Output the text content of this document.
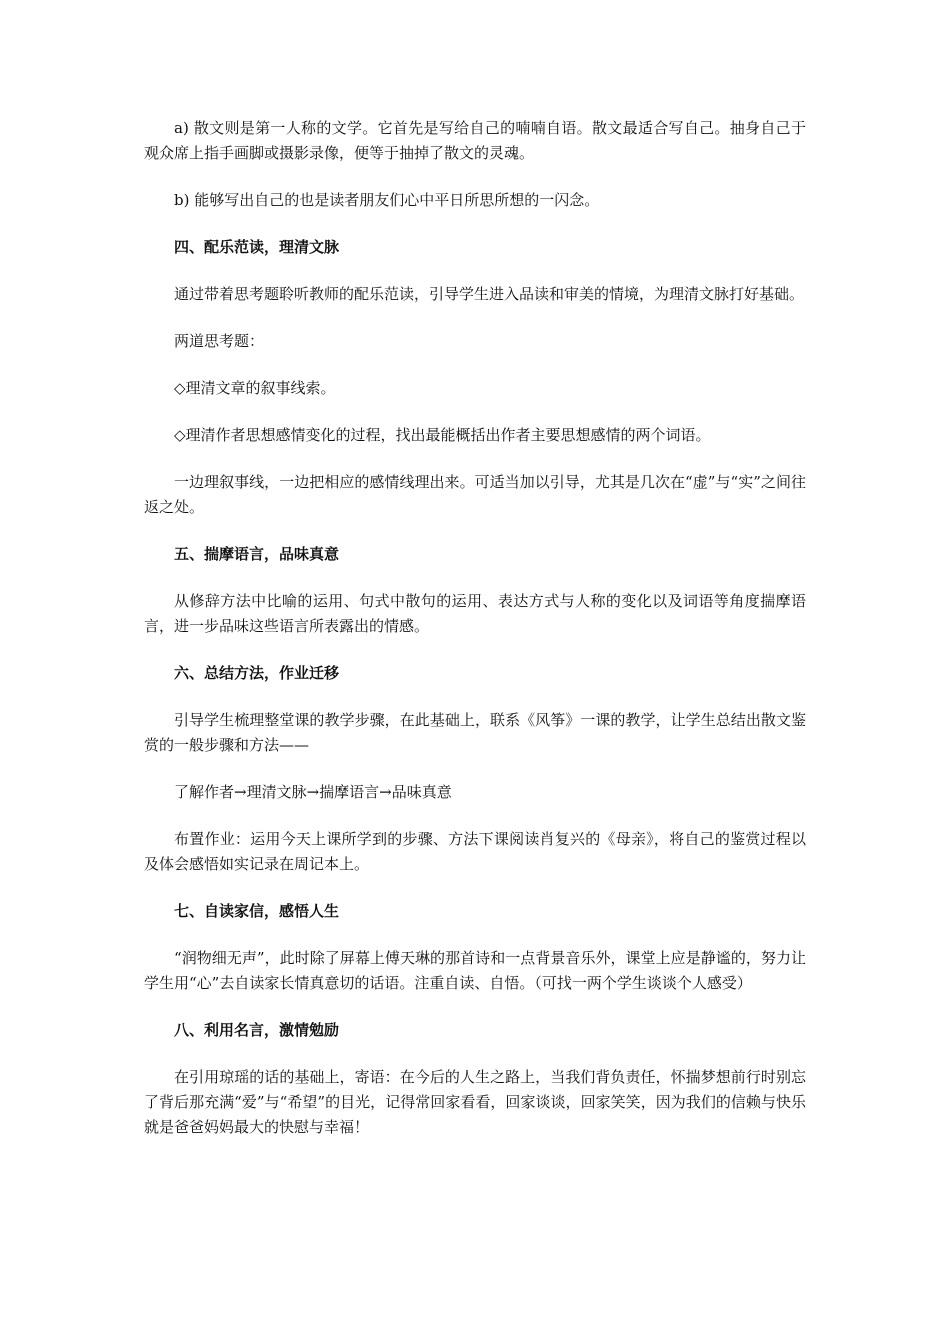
a) 散文则是第一人称的文学。它首先是写给自己的喃喃自语。散文最适合写自己。抽身自己于观众席上指手画脚或摄影录像，便等于抽掉了散文的灵魂。

b) 能够写出自己的也是读者朋友们心中平日所思所想的一闪念。

四、配乐范读，理清文脉

通过带着思考题聆听教师的配乐范读，引导学生进入品读和审美的情境，为理清文脉打好基础。

两道思考题：

◇理清文章的叙事线索。

◇理清作者思想感情变化的过程，找出最能概括出作者主要思想感情的两个词语。

一边理叙事线，一边把相应的感情线理出来。可适当加以引导，尤其是几次在“虚”与“实”之间往返之处。

五、揣摩语言，品味真意

从修辞方法中比喻的运用、句式中散句的运用、表达方式与人称的变化以及词语等角度揣摩语言，进一步品味这些语言所表露出的情感。

六、总结方法，作业迁移

引导学生梳理整堂课的教学步骤，在此基础上，联系《风筝》一课的教学，让学生总结出散文鉴赏的一般步骤和方法——

了解作者→理清文脉→揣摩语言→品味真意

布置作业：运用今天上课所学到的步骤、方法下课阅读肖复兴的《母亲》，将自己的鉴赏过程以及体会感悟如实记录在周记本上。

七、自读家信，感悟人生

“润物细无声”，此时除了屏幕上傅天琳的那首诗和一点背景音乐外，课堂上应是静谧的，努力让学生用“心”去自读家长情真意切的话语。注重自读、自悟。（可找一两个学生谈谈个人感受）

八、利用名言，激情勉励

在引用琼瑶的话的基础上，寄语：在今后的人生之路上，当我们背负责任，怀揣梦想前行时别忘了背后那充满“爱”与“希望”的目光，记得常回家看看，回家谈谈，回家笑笑，因为我们的信赖与快乐就是爸爸妈妈最大的快慰与幸福！
